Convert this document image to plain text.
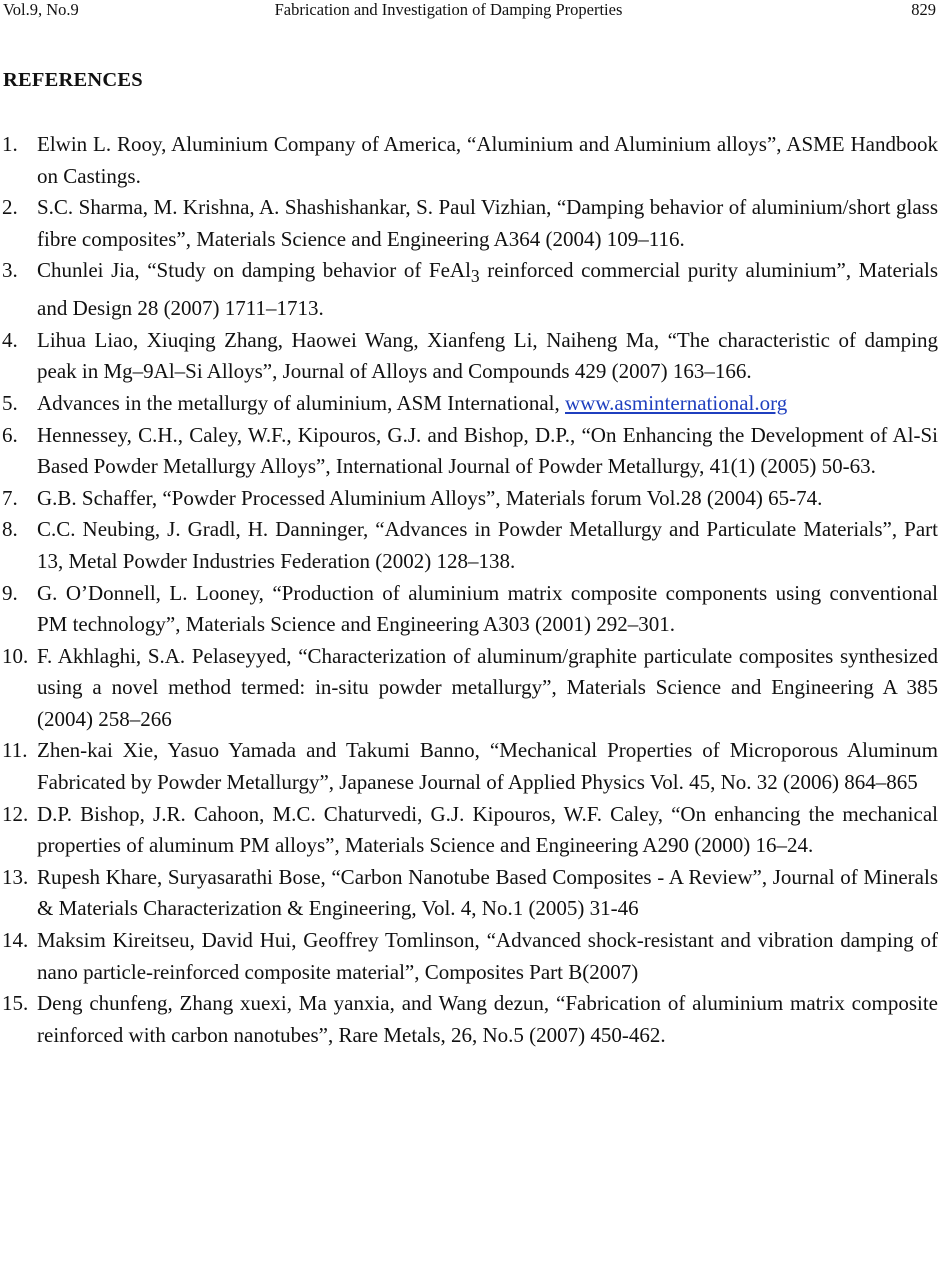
Vol.9, No.9	Fabrication and Investigation of Damping Properties	829
REFERENCES
1. Elwin L. Rooy, Aluminium Company of America, “Aluminium and Aluminium alloys”, ASME Handbook on Castings.
2. S.C. Sharma, M. Krishna, A. Shashishankar, S. Paul Vizhian, “Damping behavior of aluminium/short glass fibre composites”, Materials Science and Engineering A364 (2004) 109–116.
3. Chunlei Jia, “Study on damping behavior of FeAl$_3$ reinforced commercial purity aluminium”, Materials and Design 28 (2007) 1711–1713.
4. Lihua Liao, Xiuqing Zhang, Haowei Wang, Xianfeng Li, Naiheng Ma, “The characteristic of damping peak in Mg–9Al–Si Alloys”, Journal of Alloys and Compounds 429 (2007) 163–166.
5. Advances in the metallurgy of aluminium, ASM International, www.asminternational.org
6. Hennessey, C.H., Caley, W.F., Kipouros, G.J. and Bishop, D.P., “On Enhancing the Development of Al-Si Based Powder Metallurgy Alloys”, International Journal of Powder Metallurgy, 41(1) (2005) 50-63.
7. G.B. Schaffer, “Powder Processed Aluminium Alloys”, Materials forum Vol.28 (2004) 65-74.
8. C.C. Neubing, J. Gradl, H. Danninger, “Advances in Powder Metallurgy and Particulate Materials”, Part 13, Metal Powder Industries Federation (2002) 128–138.
9. G. O’Donnell, L. Looney, “Production of aluminium matrix composite components using conventional PM technology”, Materials Science and Engineering A303 (2001) 292–301.
10. F. Akhlaghi, S.A. Pelaseyyed, “Characterization of aluminum/graphite particulate composites synthesized using a novel method termed: in-situ powder metallurgy”, Materials Science and Engineering A 385 (2004) 258–266
11. Zhen-kai Xie, Yasuo Yamada and Takumi Banno, “Mechanical Properties of Microporous Aluminum Fabricated by Powder Metallurgy”, Japanese Journal of Applied Physics Vol. 45, No. 32 (2006) 864–865
12. D.P. Bishop, J.R. Cahoon, M.C. Chaturvedi, G.J. Kipouros, W.F. Caley, “On enhancing the mechanical properties of aluminum PM alloys”, Materials Science and Engineering A290 (2000) 16–24.
13. Rupesh Khare, Suryasarathi Bose, “Carbon Nanotube Based Composites - A Review”, Journal of Minerals & Materials Characterization & Engineering, Vol. 4, No.1 (2005) 31-46
14. Maksim Kireitseu, David Hui, Geoffrey Tomlinson, “Advanced shock-resistant and vibration damping of nano particle-reinforced composite material”, Composites Part B(2007)
15. Deng chunfeng, Zhang xuexi, Ma yanxia, and Wang dezun, “Fabrication of aluminium matrix composite reinforced with carbon nanotubes”, Rare Metals, 26, No.5 (2007) 450-462.
